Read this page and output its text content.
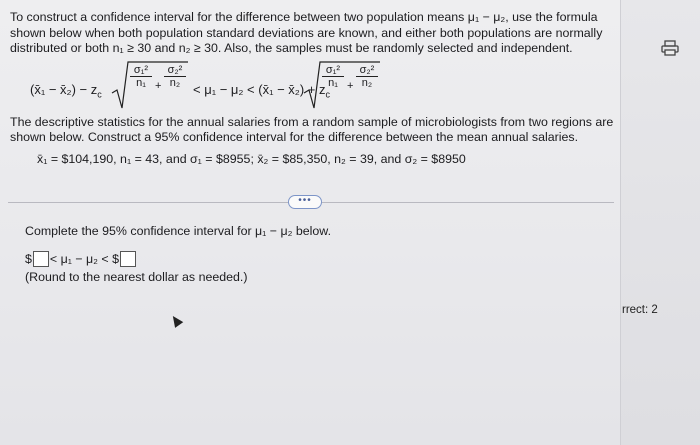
To construct a confidence interval for the difference between two population means μ₁ − μ₂, use the formula shown below when both population standard deviations are known, and either both populations are normally distributed or both n₁ ≥ 30 and n₂ ≥ 30. Also, the samples must be randomly selected and independent.
(x̄₁ − x̄₂) − $z_c$
$\frac{\text{σ₁²}}{\text{n₁}} + \frac{\text{σ₂²}}{\text{n₂}}$
< μ₁ − μ₂ < (x̄₁ − x̄₂) + $z_c$
$\frac{\text{σ₁²}}{\text{n₁}} + \frac{\text{σ₂²}}{\text{n₂}}$
The descriptive statistics for the annual salaries from a random sample of microbiologists from two regions are shown below. Construct a 95% confidence interval for the difference between the mean annual salaries.
x̄₁ = $104,190, n₁ = 43, and σ₁ = $8955; x̄₂ = $85,350, n₂ = 39, and σ₂ = $8950
•••
Complete the 95% confidence interval for μ₁ − μ₂ below.
$ < μ₁ − μ₂ < $
(Round to the nearest dollar as needed.)
rrect: 2
